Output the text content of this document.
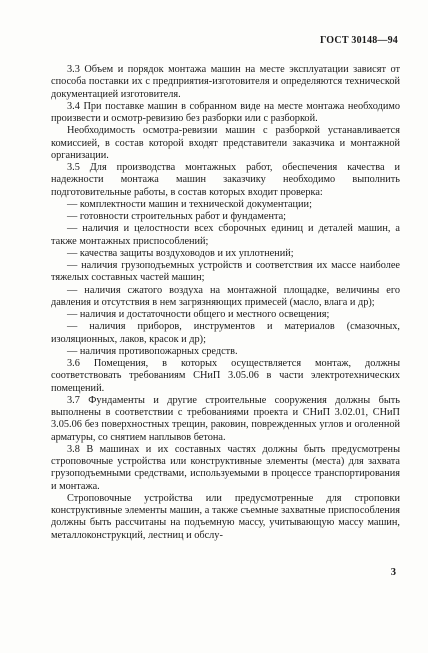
ГОСТ 30148—94

3.3 Объем и порядок монтажа машин на месте эксплуатации зависят от способа поставки их с предприятия-изготовителя и определяются технической документацией изготовителя.

3.4 При поставке машин в собранном виде на месте монтажа необходимо произвести и осмотр-ревизию без разборки или с разборкой.

Необходимость осмотра-ревизии машин с разборкой устанавливается комиссией, в состав которой входят представители заказчика и монтажной организации.

3.5 Для производства монтажных работ, обеспечения качества и надежности монтажа машин заказчику необходимо выполнить подготовительные работы, в состав которых входит проверка:

— комплектности машин и технической документации;

— готовности строительных работ и фундамента;

— наличия и целостности всех сборочных единиц и деталей машин, а также монтажных приспособлений;

— качества защиты воздуховодов и их уплотнений;

— наличия грузоподъемных устройств и соответствия их массе наиболее тяжелых составных частей машин;

— наличия сжатого воздуха на монтажной площадке, величины его давления и отсутствия в нем загрязняющих примесей (масло, влага и др);

— наличия и достаточности общего и местного освещения;

— наличия приборов, инструментов и материалов (смазочных, изоляционных, лаков, красок и др);

— наличия противопожарных средств.

3.6 Помещения, в которых осуществляется монтаж, должны соответствовать требованиям СНиП 3.05.06 в части электротехнических помещений.

3.7 Фундаменты и другие строительные сооружения должны быть выполнены в соответствии с требованиями проекта и СНиП 3.02.01, СНиП 3.05.06 без поверхностных трещин, раковин, поврежденных углов и оголенной арматуры, со снятием наплывов бетона.

3.8 В машинах и их составных частях должны быть предусмотрены строповочные устройства или конструктивные элементы (места) для захвата грузоподъемными средствами, используемыми в процессе транспортирования и монтажа.

Строповочные устройства или предусмотренные для строповки конструктивные элементы машин, а также съемные захватные приспособления должны быть рассчитаны на подъемную массу, учитывающую массу машин, металлоконструкций, лестниц и обслу-

3
